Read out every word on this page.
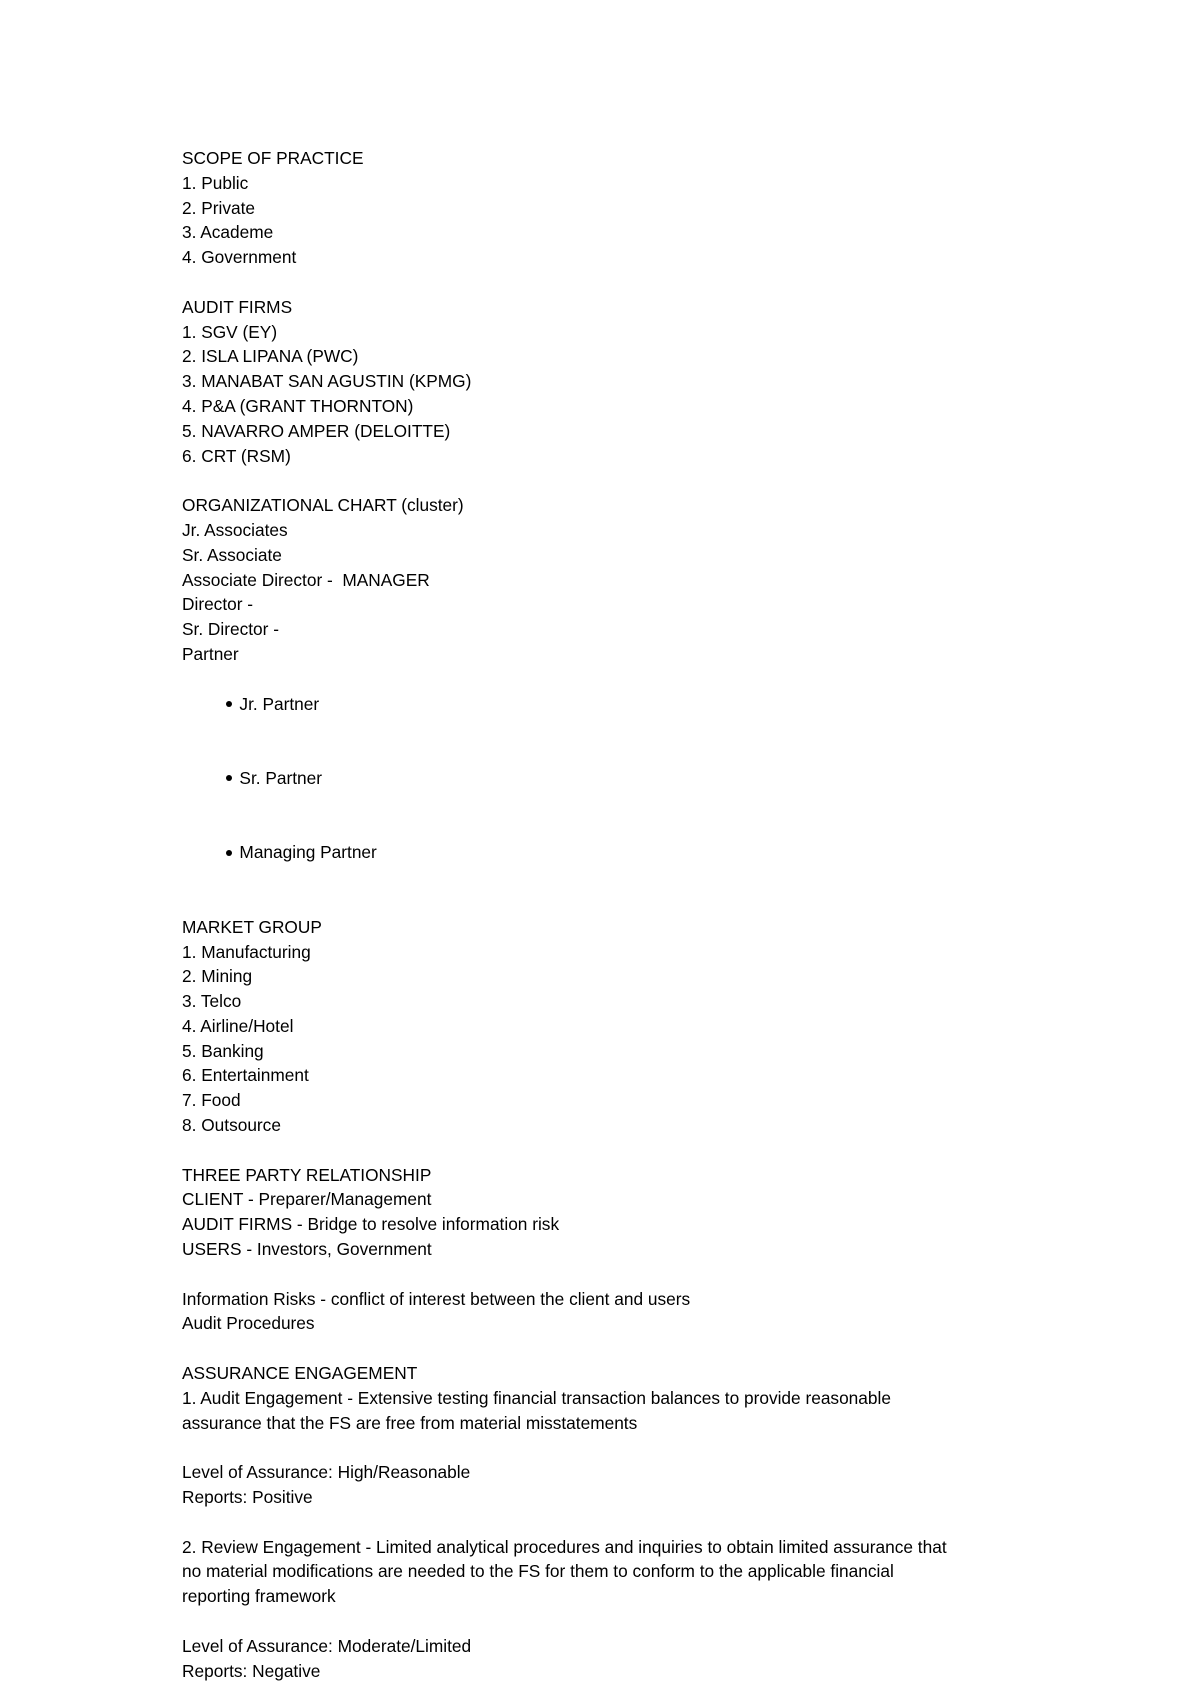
SCOPE OF PRACTICE
1. Public
2. Private
3. Academe
4. Government
AUDIT FIRMS
1. SGV (EY)
2. ISLA LIPANA (PWC)
3. MANABAT SAN AGUSTIN (KPMG)
4. P&A (GRANT THORNTON)
5. NAVARRO AMPER (DELOITTE)
6. CRT (RSM)
ORGANIZATIONAL CHART (cluster)
Jr. Associates
Sr. Associate
Associate Director -  MANAGER
Director -
Sr. Director -
Partner

Jr. Partner

Sr. Partner

Managing Partner

MARKET GROUP
1. Manufacturing
2. Mining
3. Telco
4. Airline/Hotel
5. Banking
6. Entertainment
7. Food
8. Outsource
THREE PARTY RELATIONSHIP
CLIENT - Preparer/Management
AUDIT FIRMS - Bridge to resolve information risk
USERS - Investors, Government
Information Risks - conflict of interest between the client and users
Audit Procedures
ASSURANCE ENGAGEMENT
1. Audit Engagement - Extensive testing financial transaction balances to provide reasonable
assurance that the FS are free from material misstatements
Level of Assurance: High/Reasonable
Reports: Positive
2. Review Engagement - Limited analytical procedures and inquiries to obtain limited assurance that
no material modifications are needed to the FS for them to conform to the applicable financial
reporting framework
Level of Assurance: Moderate/Limited
Reports: Negative
